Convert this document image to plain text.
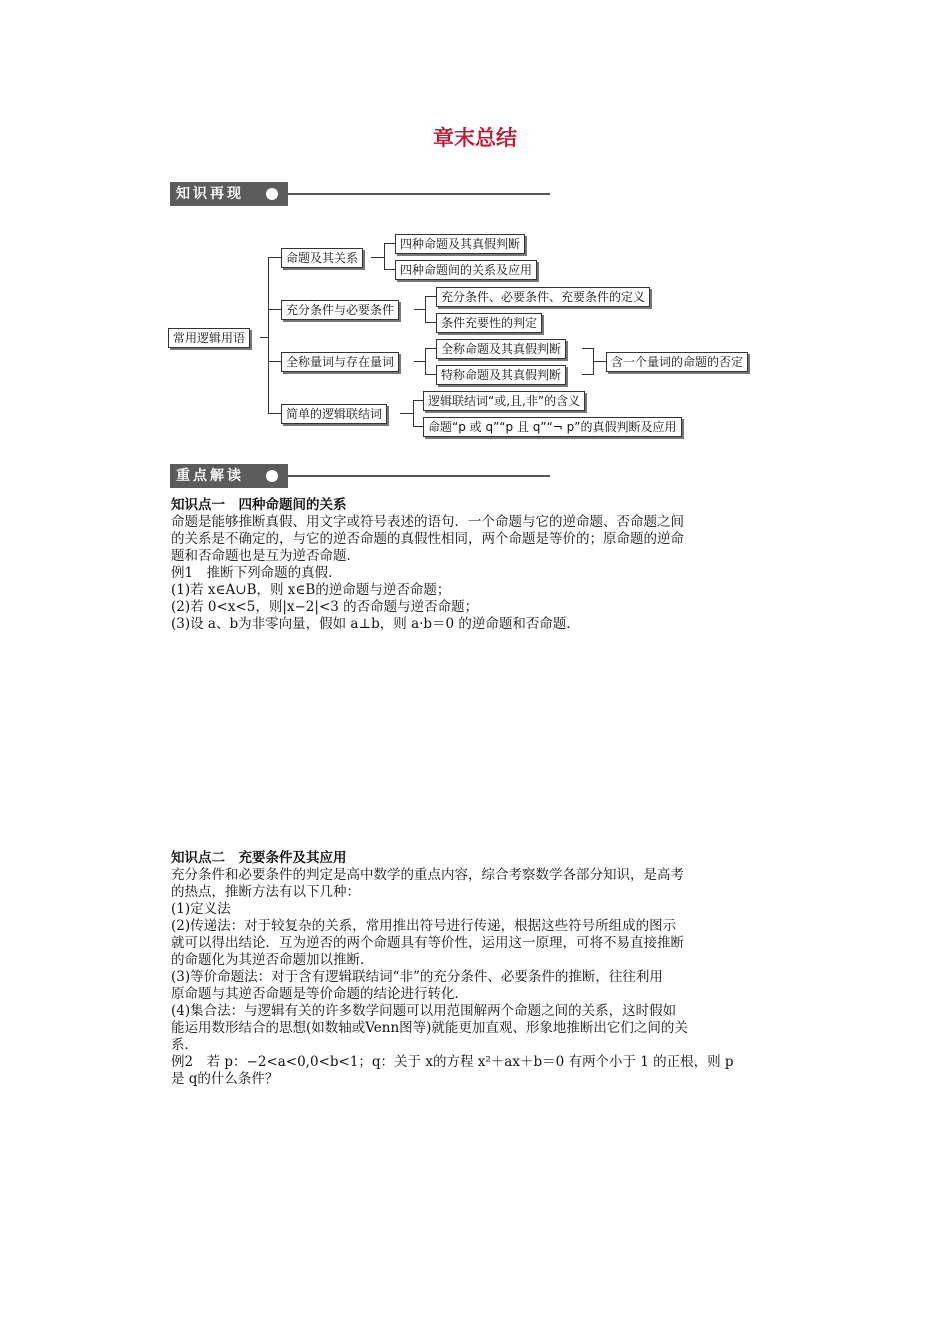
章末总结
知识再现
常用逻辑用语
命题及其关系
四种命题及其真假判断
四种命题间的关系及应用
充分条件与必要条件
充分条件、必要条件、充要条件的定义
条件充要性的判定
全称量词与存在量词
全称命题及其真假判断
特称命题及其真假判断
含一个量词的命题的否定
简单的逻辑联结词
逻辑联结词“或,且,非”的含义
命题“p 或 q”“p 且 q”“¬ p”的真假判断及应用
重点解读

知识点一　四种命题间的关系

命题是能够推断真假、用文字或符号表述的语句．一个命题与它的逆命题、否命题之间

的关系是不确定的，与它的逆否命题的真假性相同，两个命题是等价的；原命题的逆命

题和否命题也是互为逆否命题．

例1　推断下列命题的真假．

(1)若 x∈A∪B，则 x∈B的逆命题与逆否命题；

(2)若 0<x<5，则|x−2|<3 的否命题与逆否命题；

(3)设 a、b为非零向量，假如 a⊥b，则 a·b＝0 的逆命题和否命题．

知识点二　充要条件及其应用

充分条件和必要条件的判定是高中数学的重点内容，综合考察数学各部分知识，是高考

的热点，推断方法有以下几种：

(1)定义法

(2)传递法：对于较复杂的关系，常用推出符号进行传递，根据这些符号所组成的图示

就可以得出结论．互为逆否的两个命题具有等价性，运用这一原理，可将不易直接推断

的命题化为其逆否命题加以推断．

(3)等价命题法：对于含有逻辑联结词“非”的充分条件、必要条件的推断，往往利用

原命题与其逆否命题是等价命题的结论进行转化．

(4)集合法：与逻辑有关的许多数学问题可以用范围解两个命题之间的关系，这时假如

能运用数形结合的思想(如数轴或Venn图等)就能更加直观、形象地推断出它们之间的关

系．

例2　若 p：−2<a<0,0<b<1；q：关于 x的方程 x²＋ax＋b＝0 有两个小于 1 的正根，则 p

是 q的什么条件？
